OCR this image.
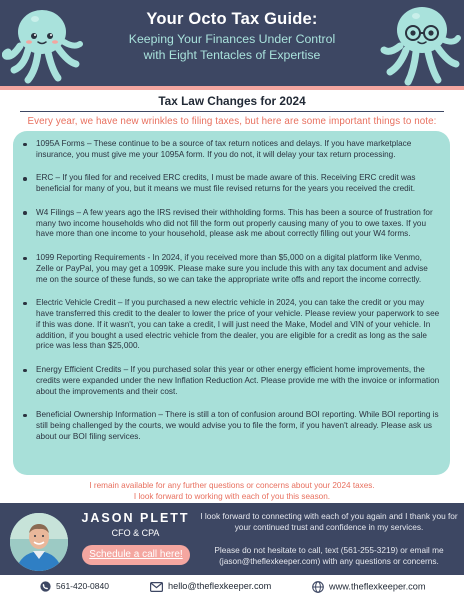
Your Octo Tax Guide:
Keeping Your Finances Under Control
with Eight Tentacles of Expertise
Tax Law Changes for 2024
Every year, we have new wrinkles to filing taxes, but here are some important things to note:
1095A Forms – These continue to be a source of tax return notices and delays. If you have marketplace insurance, you must give me your 1095A form. If you do not, it will delay your tax return processing.
ERC – If you filed for and received ERC credits, I must be made aware of this. Receiving ERC credit was beneficial for many of you, but it means we must file revised returns for the years you received the credit.
W4 Filings – A few years ago the IRS revised their withholding forms. This has been a source of frustration for many two income households who did not fill the form out properly causing many of you to owe taxes. If you have more than one income to your household, please ask me about correctly filling out your W4 forms.
1099 Reporting Requirements - In 2024, if you received more than $5,000 on a digital platform like Venmo, Zelle or PayPal, you may get a 1099K. Please make sure you include this with any tax document and advise me on the source of these funds, so we can take the appropriate write offs and report the income correctly.
Electric Vehicle Credit – If you purchased a new electric vehicle in 2024, you can take the credit or you may have transferred this credit to the dealer to lower the price of your vehicle. Please review your paperwork to see if this was done. If it wasn't, you can take a credit, I will just need the Make, Model and VIN of your vehicle. In addition, if you bought a used electric vehicle from the dealer, you are eligible for a credit as long as the sale price was less than $25,000.
Energy Efficient Credits – If you purchased solar this year or other energy efficient home improvements, the credits were expanded under the new Inflation Reduction Act. Please provide me with the invoice or information about the improvements and their cost.
Beneficial Ownership Information – There is still a ton of confusion around BOI reporting. While BOI reporting is still being challenged by the courts, we would advise you to file the form, if you haven't already. Please ask us about our BOI filing services.
I remain available for any further questions or concerns about your 2024 taxes.
I look forward to working with each of you this season.
JASON PLETT
CFO & CPA
Schedule a call here!
I look forward to connecting with each of you again and I thank you for your continued trust and confidence in my services.
Please do not hesitate to call, text (561-255-3219) or email me (jason@theflexkeeper.com) with any questions or concerns.
561-420-0840	hello@theflexkeeper.com	www.theflexkeeper.com
